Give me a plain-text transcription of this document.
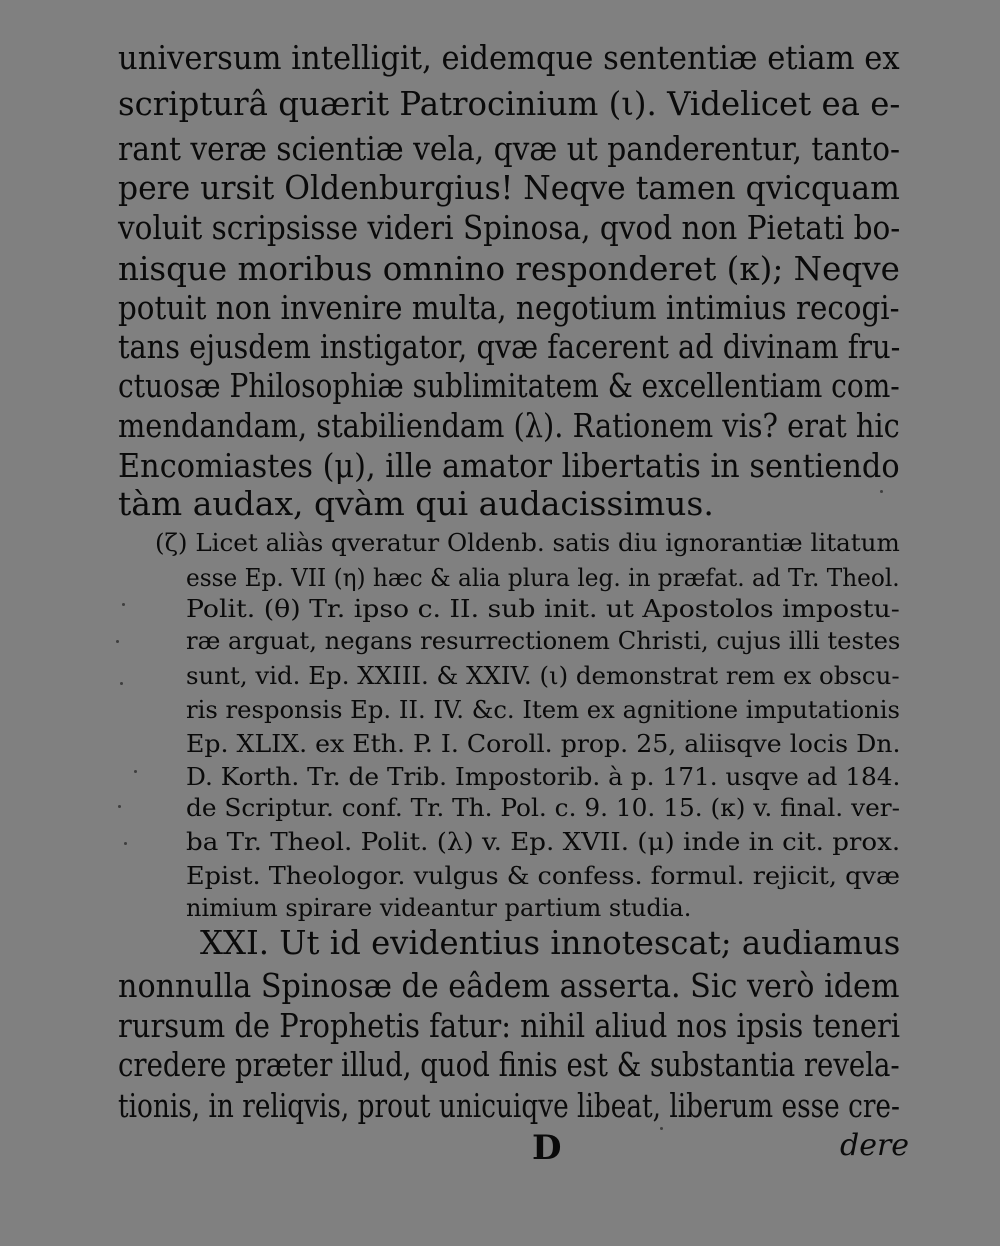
universum intelligit, eidemque sententiæ etiam ex
scripturâ quærit Patrocinium (ι). Videlicet ea e-
rant veræ scientiæ vela, qvæ ut panderentur, tanto-
pere ursit Oldenburgius! Neqve tamen qvicquam
voluit scripsisse videri Spinosa, qvod non Pietati bo-
nisque moribus omnino responderet (κ); Neqve
potuit non invenire multa, negotium intimius recogi-
tans ejusdem instigator, qvæ facerent ad divinam fru-
ctuosæ Philosophiæ sublimitatem & excellentiam com-
mendandam, stabiliendam (λ). Rationem vis? erat hic
Encomiastes (μ), ille amator libertatis in sentiendo
tàm audax, qvàm qui audacissimus.
(ζ) Licet aliàs qveratur Oldenb. satis diu ignorantiæ litatum
esse Ep. VII (η) hæc & alia plura leg. in præfat. ad Tr. Theol.
Polit. (θ) Tr. ipso c. II. sub init. ut Apostolos impostu-
ræ arguat, negans resurrectionem Christi, cujus illi testes
sunt, vid. Ep. XXIII. & XXIV. (ι) demonstrat rem ex obscu-
ris responsis Ep. II. IV. &c. Item ex agnitione imputationis
Ep. XLIX. ex Eth. P. I. Coroll. prop. 25, aliisqve locis Dn.
D. Korth. Tr. de Trib. Impostorib. à p. 171. usqve ad 184.
de Scriptur. conf. Tr. Th. Pol. c. 9. 10. 15. (κ) v. final. ver-
ba Tr. Theol. Polit. (λ) v. Ep. XVII. (μ) inde in cit. prox.
Epist. Theologor. vulgus & confess. formul. rejicit, qvæ
nimium spirare videantur partium studia.
XXI. Ut id evidentius innotescat; audiamus
nonnulla Spinosæ de eâdem asserta. Sic verò idem
rursum de Prophetis fatur: nihil aliud nos ipsis teneri
credere præter illud, quod finis est & substantia revela-
tionis, in reliqvis, prout unicuiqve libeat, liberum esse cre-
D	dere
